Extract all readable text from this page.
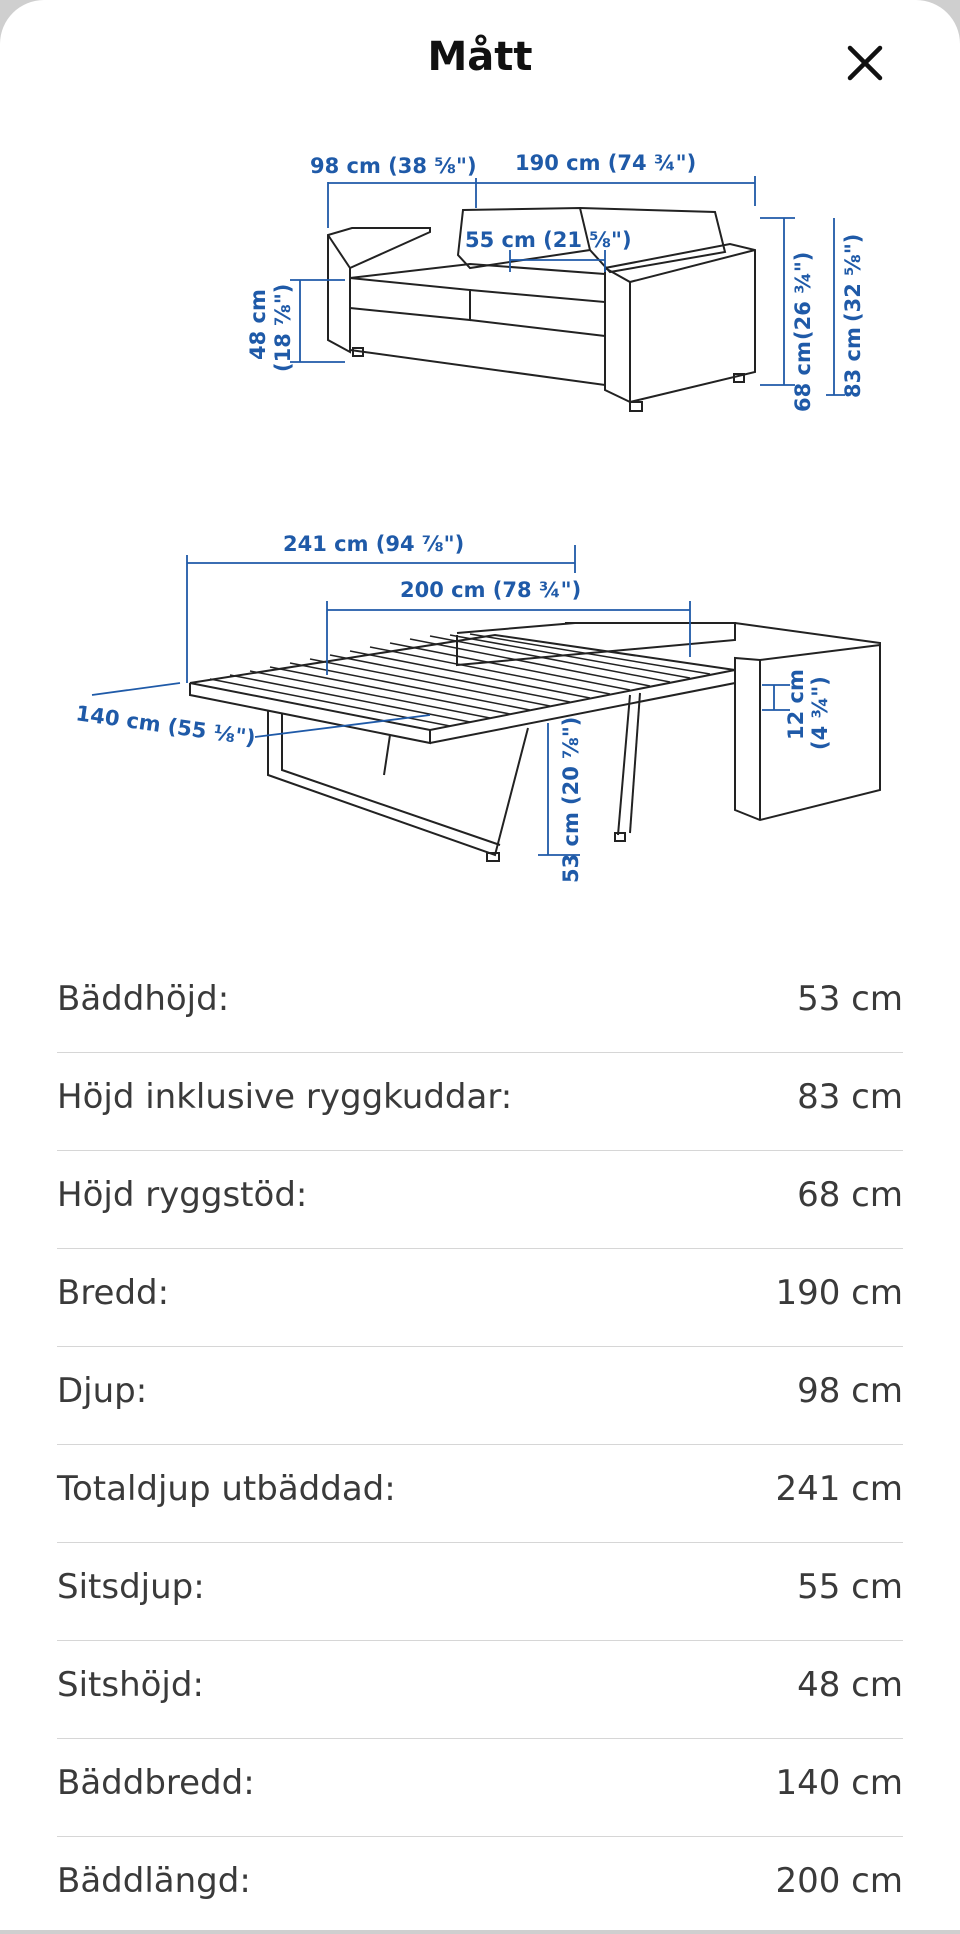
Mått
98 cm (38 ⅝") 190 cm (74 ¾")
55 cm (21 ⅝")
48 cm (18 ⅞")
68 cm
(26 ¾")
83 cm
(32 ⅝")
241 cm (94 ⅞")
200 cm (78 ¾")
140 cm (55 ⅛")	12 cm (4 ¾")
53 cm
(20 ⅞")
Bäddhöjd:	53 cm
Höjd inklusive ryggkuddar:	83 cm
Höjd ryggstöd:	68 cm
Bredd:	190 cm
Djup:	98 cm
Totaldjup utbäddad:	241 cm
Sitsdjup:	55 cm
Sitshöjd:	48 cm
Bäddbredd:	140 cm
Bäddlängd:	200 cm
